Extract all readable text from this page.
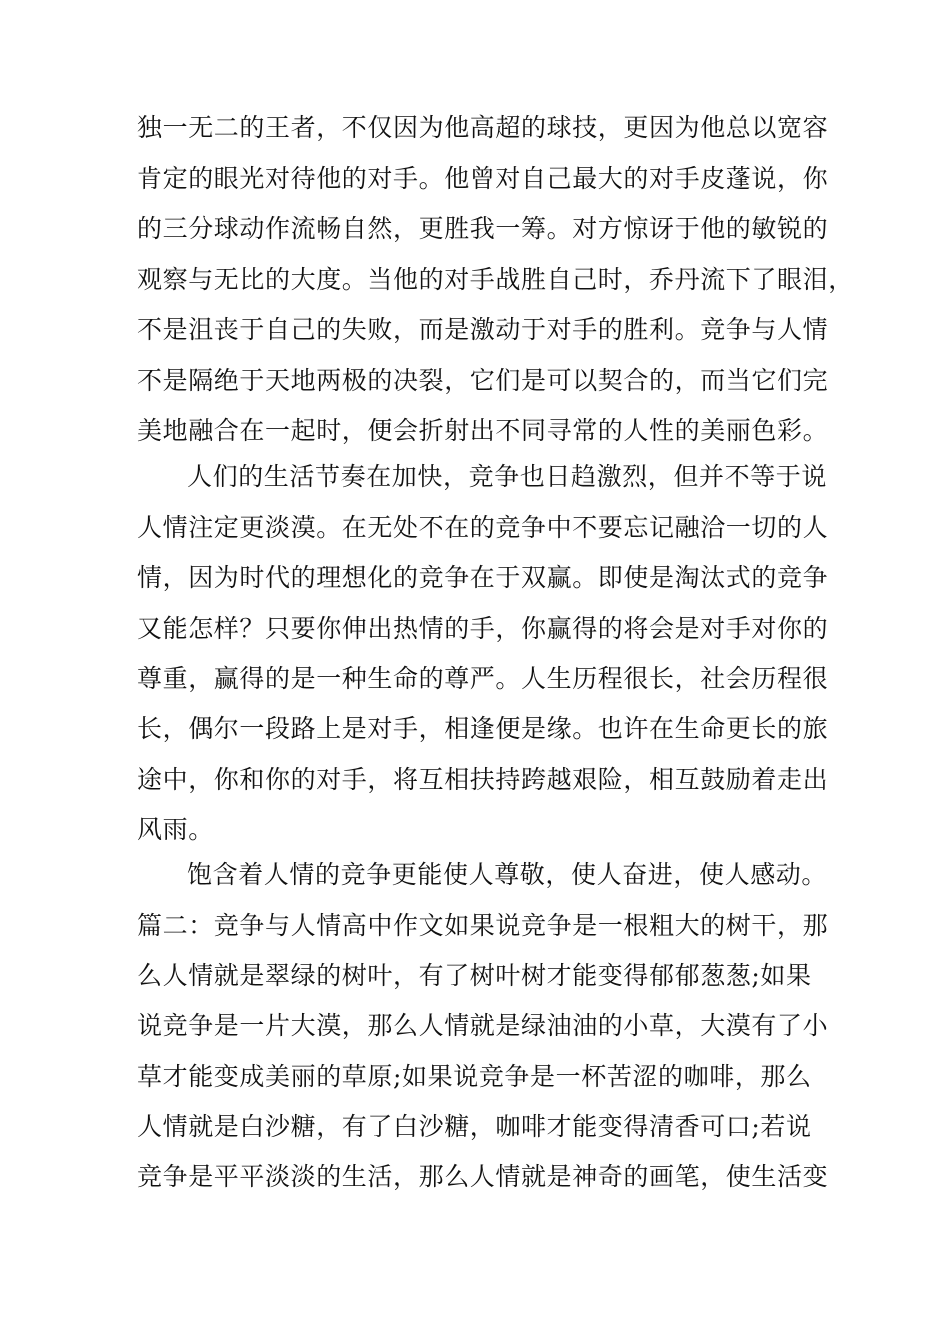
独一无二的王者，不仅因为他高超的球技，更因为他总以宽容
肯定的眼光对待他的对手。他曾对自己最大的对手皮蓬说，你
的三分球动作流畅自然，更胜我一筹。对方惊讶于他的敏锐的
观察与无比的大度。当他的对手战胜自己时，乔丹流下了眼泪，
不是沮丧于自己的失败，而是激动于对手的胜利。竞争与人情
不是隔绝于天地两极的决裂，它们是可以契合的，而当它们完
美地融合在一起时，便会折射出不同寻常的人性的美丽色彩。
人们的生活节奏在加快，竞争也日趋激烈，但并不等于说
人情注定更淡漠。在无处不在的竞争中不要忘记融洽一切的人
情，因为时代的理想化的竞争在于双赢。即使是淘汰式的竞争
又能怎样？只要你伸出热情的手，你赢得的将会是对手对你的
尊重，赢得的是一种生命的尊严。人生历程很长，社会历程很
长，偶尔一段路上是对手，相逢便是缘。也许在生命更长的旅
途中，你和你的对手，将互相扶持跨越艰险，相互鼓励着走出
风雨。
饱含着人情的竞争更能使人尊敬，使人奋进，使人感动。
篇二：竞争与人情高中作文如果说竞争是一根粗大的树干，那
么人情就是翠绿的树叶，有了树叶树才能变得郁郁葱葱;如果
说竞争是一片大漠，那么人情就是绿油油的小草，大漠有了小
草才能变成美丽的草原;如果说竞争是一杯苦涩的咖啡，那么
人情就是白沙糖，有了白沙糖，咖啡才能变得清香可口;若说
竞争是平平淡淡的生活，那么人情就是神奇的画笔，使生活变
